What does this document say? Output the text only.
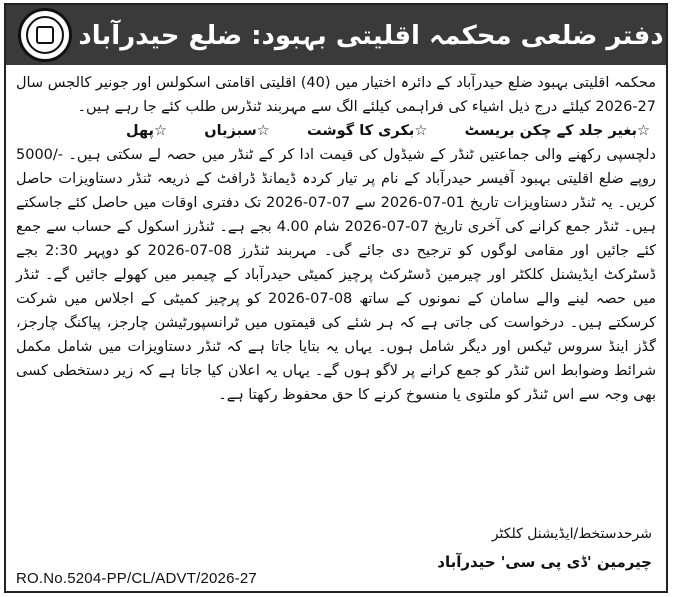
دفتر ضلعی محکمہ اقلیتی بہبود: ضلع حیدرآباد

محکمہ اقلیتی بہبود ضلع حیدرآباد کے دائرہ اختیار میں (40) اقلیتی اقامتی اسکولس اور جونیر کالجس سال 27-2026 کیلئے درج ذیل اشیاء کی فراہمی کیلئے الگ سے مہربند ٹنڈرس طلب کئے جا رہے ہیں۔

☆بغیر جلد کے چکن بریسٹ
☆بکری کا گوشت
☆سبزیاں
☆پھل

دلچسپی رکھنے والی جماعتیں ٹنڈر کے شیڈول کی قیمت ادا کر کے ٹنڈر میں حصہ لے سکتی ہیں۔ -/5000 روپے ضلع اقلیتی بہبود آفیسر حیدرآباد کے نام پر تیار کردہ ڈیمانڈ ڈرافٹ کے ذریعہ ٹنڈر دستاویزات حاصل کریں۔ یہ ٹنڈر دستاویزات تاریخ 01-07-2026 سے 07-07-2026 تک دفتری اوقات میں حاصل کئے جاسکتے ہیں۔ ٹنڈر جمع کرانے کی آخری تاریخ 07-07-2026 شام 4.00 بجے ہے۔ ٹنڈرز اسکول کے حساب سے جمع کئے جائیں اور مقامی لوگوں کو ترجیح دی جائے گی۔ مہربند ٹنڈرز 08-07-2026 کو دوپہر 2:30 بجے ڈسٹرکٹ ایڈیشنل کلکٹر اور چیرمین ڈسٹرکٹ پرچیز کمیٹی حیدرآباد کے چیمبر میں کھولے جائیں گے۔ ٹنڈر میں حصہ لینے والے سامان کے نمونوں کے ساتھ 08-07-2026 کو پرچیز کمیٹی کے اجلاس میں شرکت کرسکتے ہیں۔ درخواست کی جاتی ہے کہ ہر شئے کی قیمتوں میں ٹرانسپورٹیشن چارجز، پیاکنگ چارجز، گڈز اینڈ سروس ٹیکس اور دیگر شامل ہوں۔ یہاں یہ بتایا جاتا ہے کہ ٹنڈر دستاویزات میں شامل مکمل شرائط وضوابط اس ٹنڈر کو جمع کرانے پر لاگو ہوں گے۔ یہاں یہ اعلان کیا جاتا ہے کہ زیر دستخطی کسی بھی وجہ سے اس ٹنڈر کو ملتوی یا منسوخ کرنے کا حق محفوظ رکھتا ہے۔

شرحدستخط/ایڈیشنل کلکٹر
چیرمین 'ڈی پی سی' حیدرآباد
RO.No.5204-PP/CL/ADVT/2026-27
